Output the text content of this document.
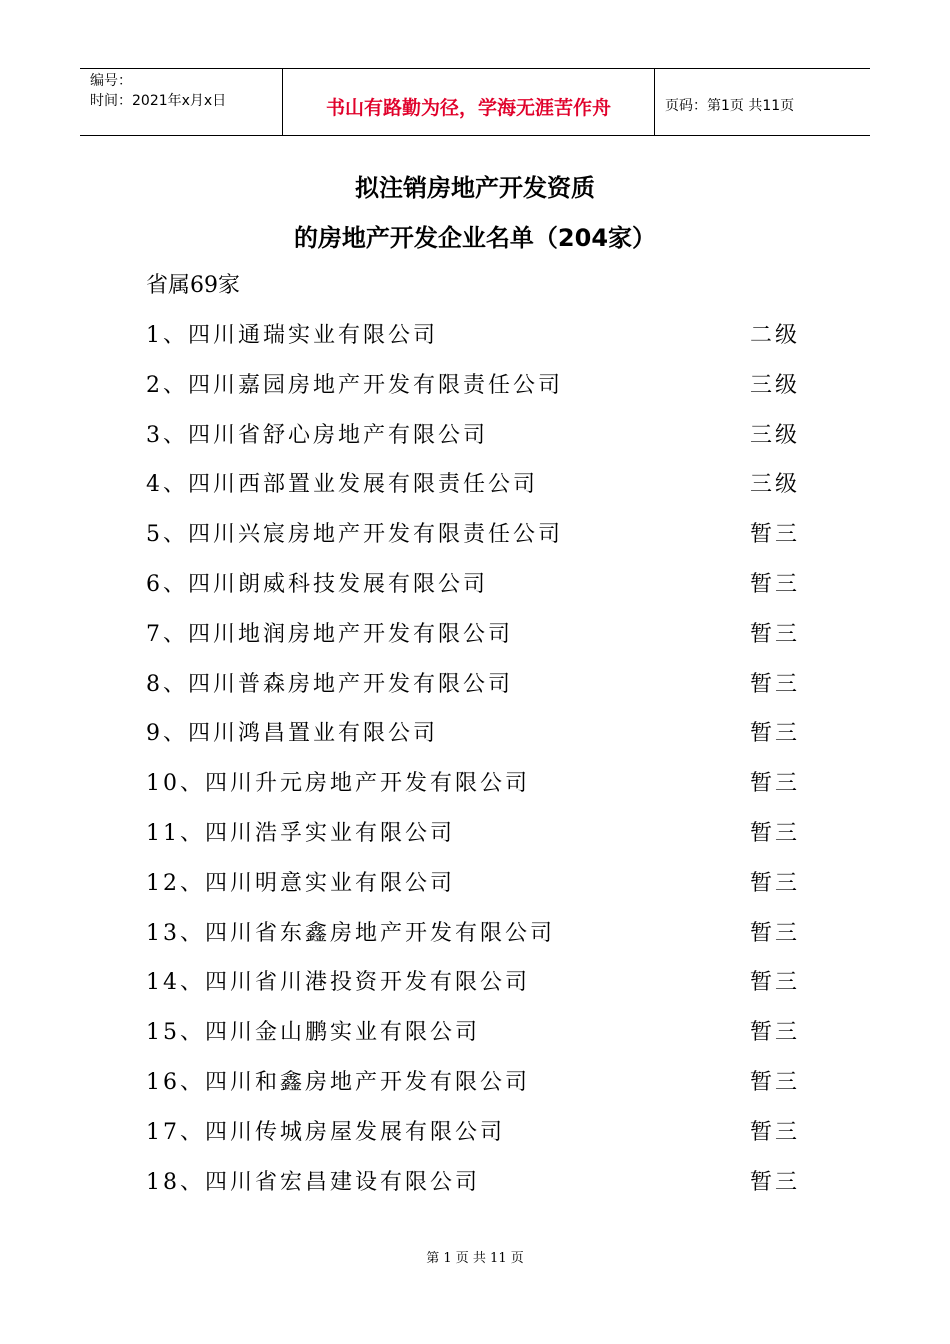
编号：
时间：2021年x月x日	书山有路勤为径，学海无涯苦作舟	页码：第1页 共11页
拟注销房地产开发资质
的房地产开发企业名单（204家）
省属69家
1、四川通瑞实业有限公司	二级
2、四川嘉园房地产开发有限责任公司	三级
3、四川省舒心房地产有限公司	三级
4、四川西部置业发展有限责任公司	三级
5、四川兴宸房地产开发有限责任公司	暂三
6、四川朗威科技发展有限公司	暂三
7、四川地润房地产开发有限公司	暂三
8、四川普森房地产开发有限公司	暂三
9、四川鸿昌置业有限公司	暂三
10、四川升元房地产开发有限公司	暂三
11、四川浩孚实业有限公司	暂三
12、四川明意实业有限公司	暂三
13、四川省东鑫房地产开发有限公司	暂三
14、四川省川港投资开发有限公司	暂三
15、四川金山鹏实业有限公司	暂三
16、四川和鑫房地产开发有限公司	暂三
17、四川传城房屋发展有限公司	暂三
18、四川省宏昌建设有限公司	暂三
第 1 页 共 11 页
